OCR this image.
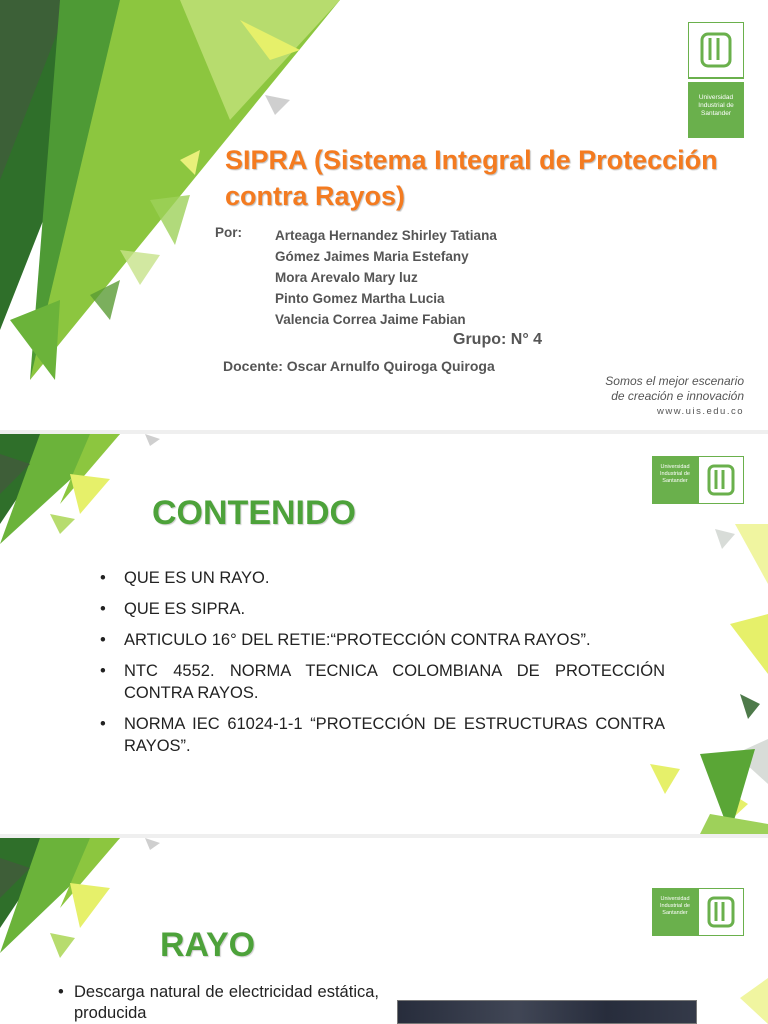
Universidad Industrial de Santander
SIPRA (Sistema Integral de Protección contra Rayos)
Por: Arteaga Hernandez Shirley Tatiana
Gómez Jaimes Maria Estefany
Mora Arevalo Mary luz
Pinto Gomez Martha Lucia
Valencia Correa Jaime Fabian
Grupo: N° 4
Docente: Oscar Arnulfo Quiroga Quiroga
Somos el mejor escenario
de creación e innovación
www.uis.edu.co
Universidad Industrial de Santander
CONTENIDO
• QUE ES UN RAYO.
• QUE ES SIPRA.
• ARTICULO 16° DEL RETIE:“PROTECCIÓN CONTRA RAYOS”.
• NTC 4552. NORMA TECNICA COLOMBIANA DE PROTECCIÓN CONTRA RAYOS.
• NORMA IEC 61024-1-1 “PROTECCIÓN DE ESTRUCTURAS CONTRA RAYOS”.
Universidad Industrial de Santander
RAYO

• Descarga natural de electricidad estática, producida
